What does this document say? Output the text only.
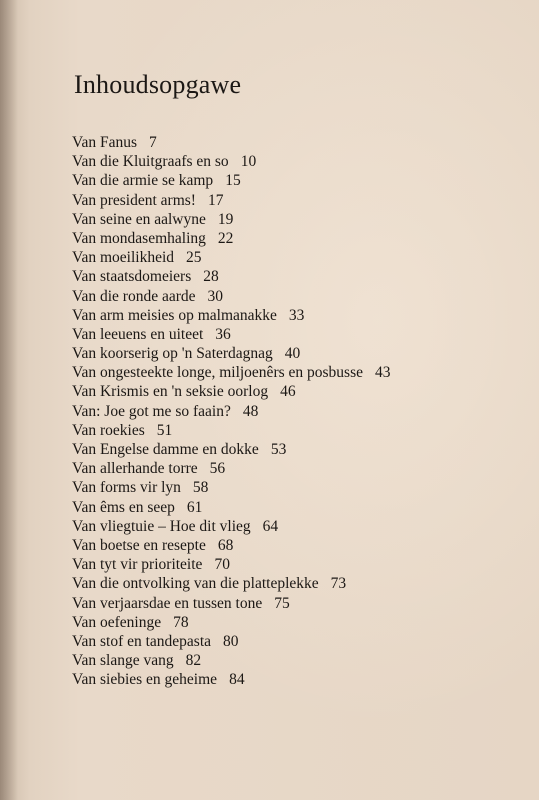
Inhoudsopgawe
Van Fanus 7
Van die Kluitgraafs en so 10
Van die armie se kamp 15
Van president arms! 17
Van seine en aalwyne 19
Van mondasemhaling 22
Van moeilikheid 25
Van staatsdomeiers 28
Van die ronde aarde 30
Van arm meisies op malmanakke 33
Van leeuens en uiteet 36
Van koorserig op 'n Saterdagnag 40
Van ongesteekte longe, miljoenêrs en posbusse 43
Van Krismis en 'n seksie oorlog 46
Van: Joe got me so faain? 48
Van roekies 51
Van Engelse damme en dokke 53
Van allerhande torre 56
Van forms vir lyn 58
Van êms en seep 61
Van vliegtuie – Hoe dit vlieg 64
Van boetse en resepte 68
Van tyt vir prioriteite 70
Van die ontvolking van die platteplekke 73
Van verjaarsdae en tussen tone 75
Van oefeninge 78
Van stof en tandepasta 80
Van slange vang 82
Van siebies en geheime 84
